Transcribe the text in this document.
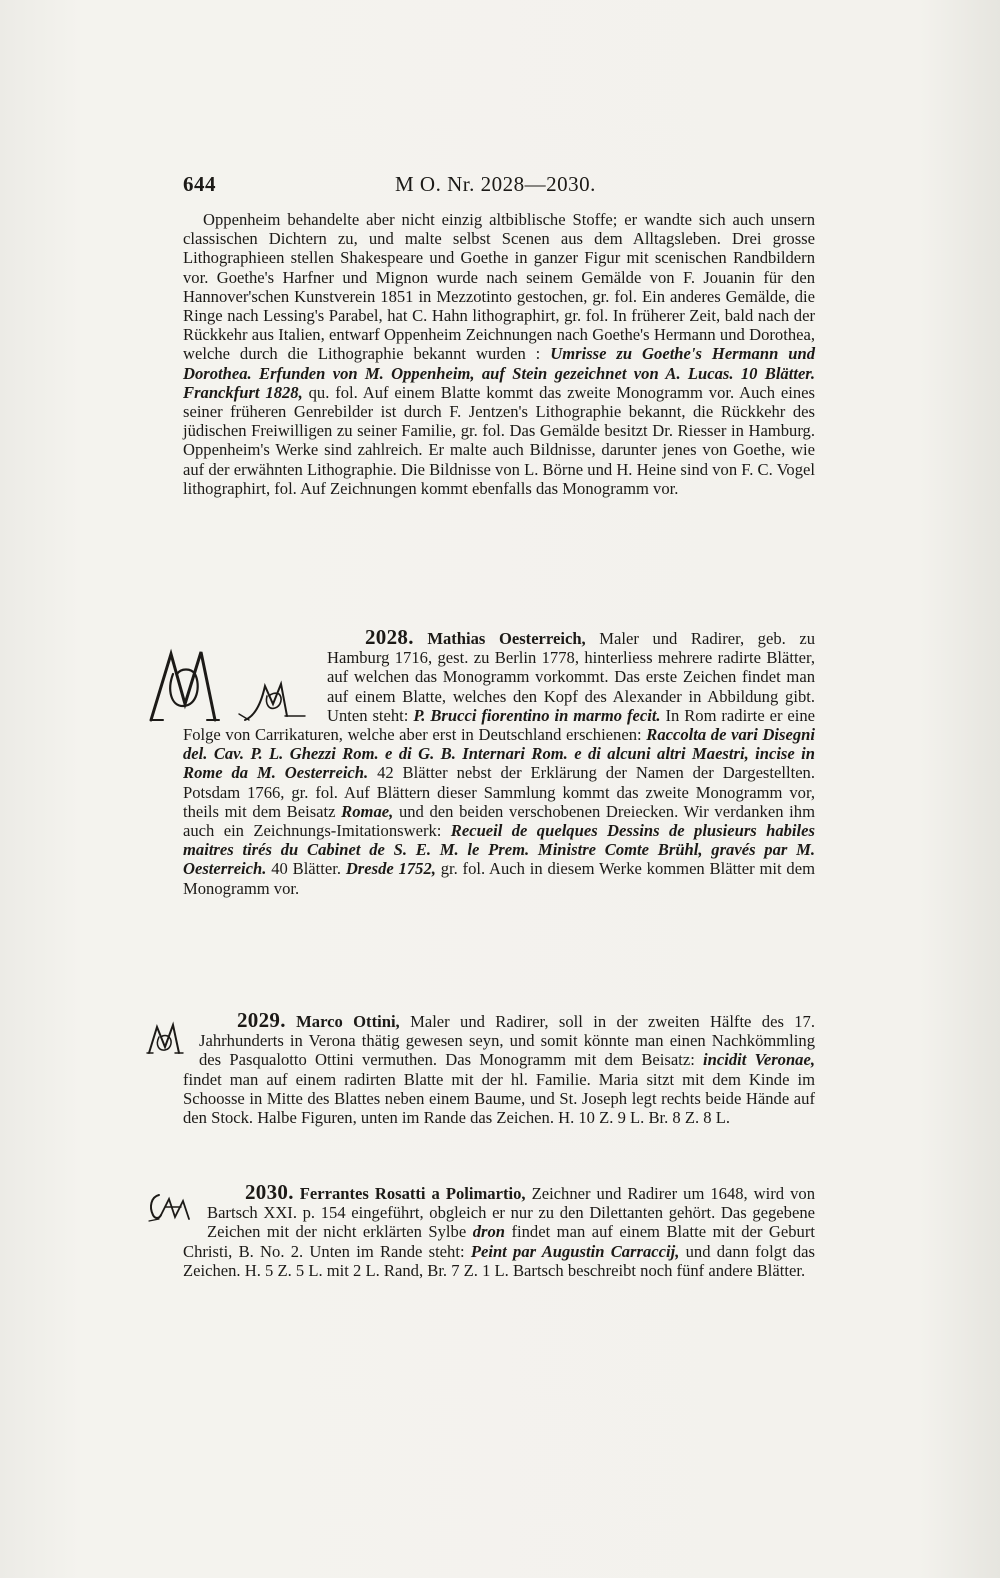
644	M O. Nr. 2028—2030.

Oppenheim behandelte aber nicht einzig altbiblische Stoffe; er wandte sich auch unsern classischen Dichtern zu, und malte selbst Scenen aus dem Alltagsleben. Drei grosse Lithographieen stellen Shakespeare und Goethe in ganzer Figur mit scenischen Randbildern vor. Goethe's Harfner und Mignon wurde nach seinem Gemälde von F. Jouanin für den Hannover'schen Kunstverein 1851 in Mezzotinto gestochen, gr. fol. Ein anderes Gemälde, die Ringe nach Lessing's Parabel, hat C. Hahn lithographirt, gr. fol. In früherer Zeit, bald nach der Rückkehr aus Italien, entwarf Oppenheim Zeichnungen nach Goethe's Hermann und Dorothea, welche durch die Lithographie bekannt wurden : Umrisse zu Goethe's Hermann und Dorothea. Erfunden von M. Oppenheim, auf Stein gezeichnet von A. Lucas. 10 Blätter. Franckfurt 1828, qu. fol. Auf einem Blatte kommt das zweite Monogramm vor. Auch eines seiner früheren Genrebilder ist durch F. Jentzen's Lithographie bekannt, die Rückkehr des jüdischen Freiwilligen zu seiner Familie, gr. fol. Das Gemälde besitzt Dr. Riesser in Hamburg. Oppenheim's Werke sind zahlreich. Er malte auch Bildnisse, darunter jenes von Goethe, wie auf der erwähnten Lithographie. Die Bildnisse von L. Börne und H. Heine sind von F. C. Vogel lithographirt, fol. Auf Zeichnungen kommt ebenfalls das Monogramm vor.

2028. Mathias Oesterreich, Maler und Radirer, geb. zu Hamburg 1716, gest. zu Berlin 1778, hinterliess mehrere radirte Blätter, auf welchen das Monogramm vorkommt. Das erste Zeichen findet man auf einem Blatte, welches den Kopf des Alexander in Abbildung gibt. Unten steht: P. Brucci fiorentino in marmo fecit. In Rom radirte er eine Folge von Carrikaturen, welche aber erst in Deutschland erschienen: Raccolta de vari Disegni del. Cav. P. L. Ghezzi Rom. e di G. B. Internari Rom. e di alcuni altri Maestri, incise in Rome da M. Oesterreich. 42 Blätter nebst der Erklärung der Namen der Dargestellten. Potsdam 1766, gr. fol. Auf Blättern dieser Sammlung kommt das zweite Monogramm vor, theils mit dem Beisatz Romae, und den beiden verschobenen Dreiecken. Wir verdanken ihm auch ein Zeichnungs-Imitationswerk: Recueil de quelques Dessins de plusieurs habiles maitres tirés du Cabinet de S. E. M. le Prem. Ministre Comte Brühl, gravés par M. Oesterreich. 40 Blätter. Dresde 1752, gr. fol. Auch in diesem Werke kommen Blätter mit dem Monogramm vor.

2029. Marco Ottini, Maler und Radirer, soll in der zweiten Hälfte des 17. Jahrhunderts in Verona thätig gewesen seyn, und somit könnte man einen Nachkömmling des Pasqualotto Ottini vermuthen. Das Monogramm mit dem Beisatz: incidit Veronae, findet man auf einem radirten Blatte mit der hl. Familie. Maria sitzt mit dem Kinde im Schoosse in Mitte des Blattes neben einem Baume, und St. Joseph legt rechts beide Hände auf den Stock. Halbe Figuren, unten im Rande das Zeichen. H. 10 Z. 9 L. Br. 8 Z. 8 L.

2030. Ferrantes Rosatti a Polimartio, Zeichner und Radirer um 1648, wird von Bartsch XXI. p. 154 eingeführt, obgleich er nur zu den Dilettanten gehört. Das gegebene Zeichen mit der nicht erklärten Sylbe dron findet man auf einem Blatte mit der Geburt Christi, B. No. 2. Unten im Rande steht: Peint par Augustin Carraccij, und dann folgt das Zeichen. H. 5 Z. 5 L. mit 2 L. Rand, Br. 7 Z. 1 L. Bartsch beschreibt noch fünf andere Blätter.
